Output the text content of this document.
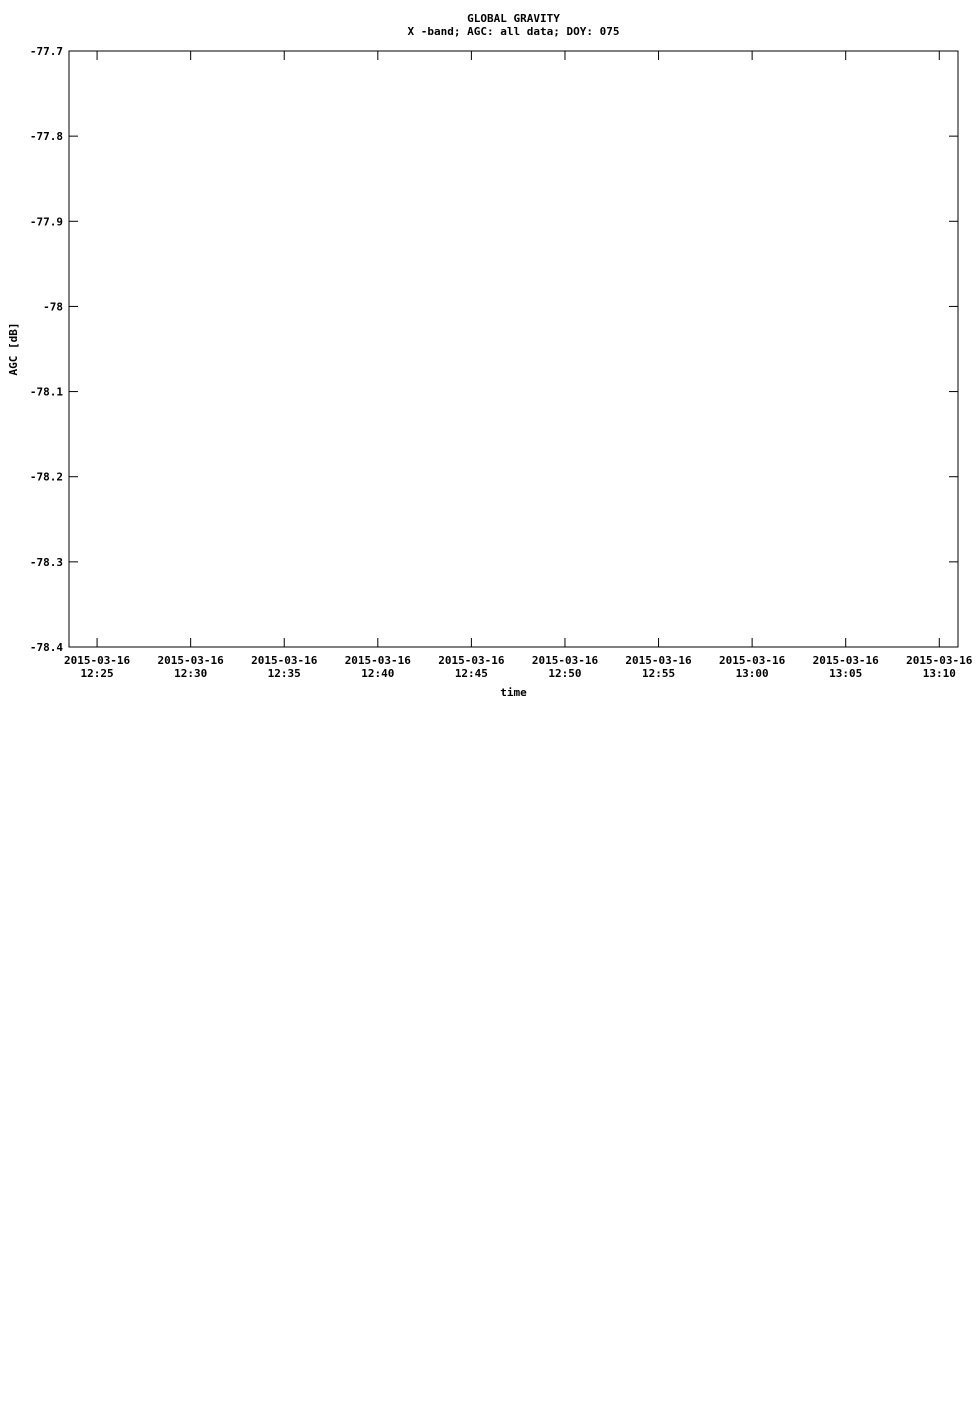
GLOBAL GRAVITY
X -band; AGC: all data; DOY: 075
-77.7
-77.8
-77.9
-78
-78.1
-78.2
-78.3
-78.4
2015-03-16
12:25
2015-03-16
12:30
2015-03-16
12:35
2015-03-16
12:40
2015-03-16
12:45
2015-03-16
12:50
2015-03-16
12:55
2015-03-16
13:00
2015-03-16
13:05
2015-03-16
13:10
time
AGC [dB]
